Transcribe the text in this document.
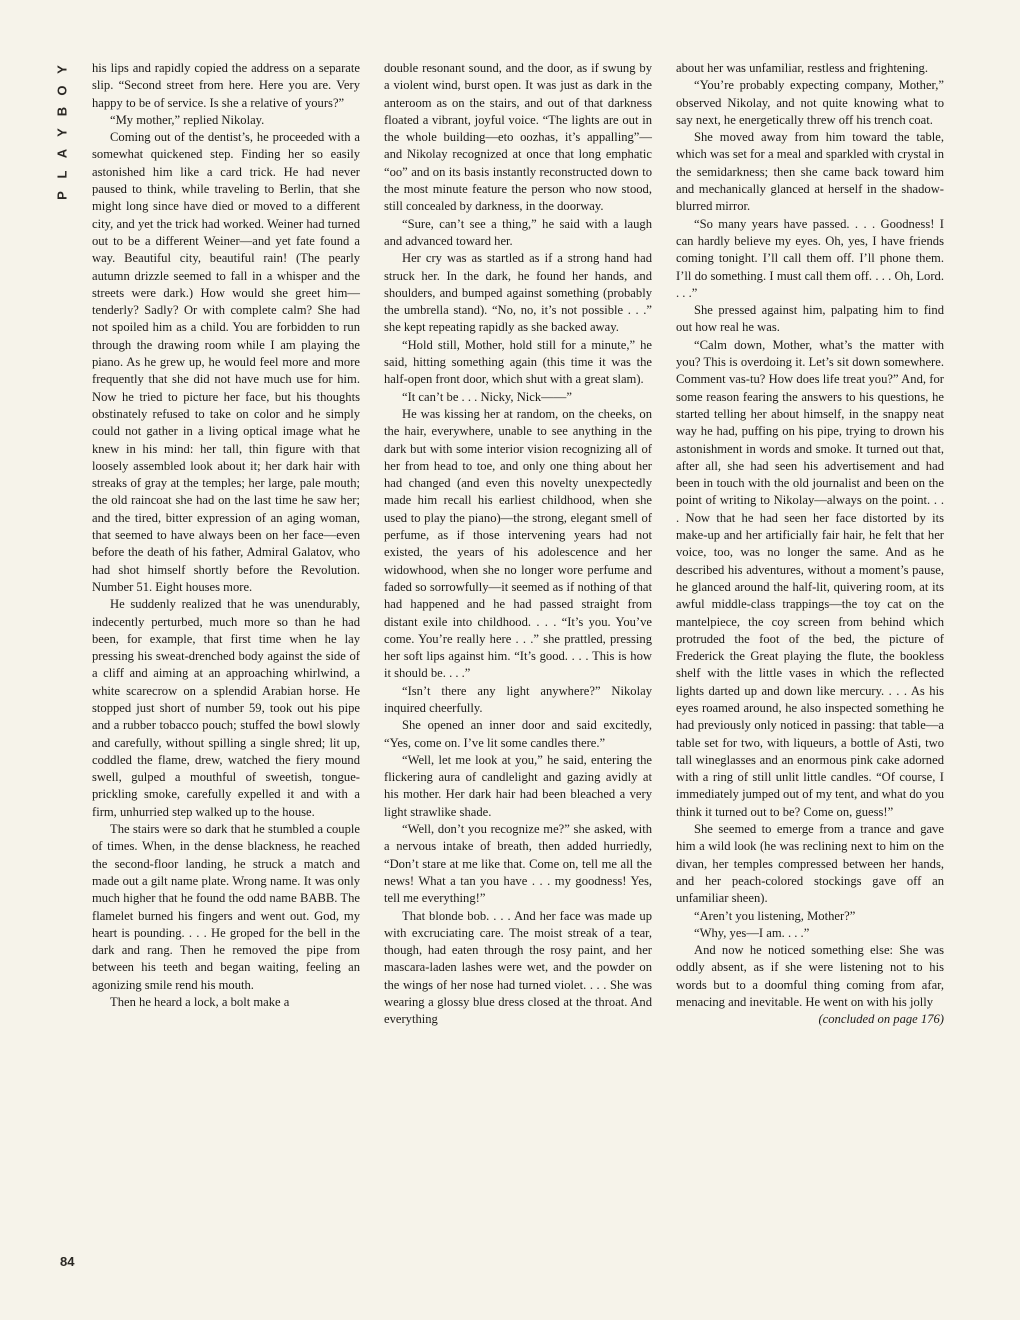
Y
O
B
Y
A
L
P

his lips and rapidly copied the address on a separate slip. “Second street from here. Here you are. Very happy to be of service. Is she a relative of yours?”

“My mother,” replied Nikolay.

Coming out of the dentist’s, he proceeded with a somewhat quickened step. Finding her so easily astonished him like a card trick. He had never paused to think, while traveling to Berlin, that she might long since have died or moved to a different city, and yet the trick had worked. Weiner had turned out to be a different Weiner—and yet fate found a way. Beautiful city, beautiful rain! (The pearly autumn drizzle seemed to fall in a whisper and the streets were dark.) How would she greet him—tenderly? Sadly? Or with complete calm? She had not spoiled him as a child. You are forbidden to run through the drawing room while I am playing the piano. As he grew up, he would feel more and more frequently that she did not have much use for him. Now he tried to picture her face, but his thoughts obstinately refused to take on color and he simply could not gather in a living optical image what he knew in his mind: her tall, thin figure with that loosely assembled look about it; her dark hair with streaks of gray at the temples; her large, pale mouth; the old raincoat she had on the last time he saw her; and the tired, bitter expression of an aging woman, that seemed to have always been on her face—even before the death of his father, Admiral Galatov, who had shot himself shortly before the Revolution. Number 51. Eight houses more.

He suddenly realized that he was unendurably, indecently perturbed, much more so than he had been, for example, that first time when he lay pressing his sweat-drenched body against the side of a cliff and aiming at an approaching whirlwind, a white scarecrow on a splendid Arabian horse. He stopped just short of number 59, took out his pipe and a rubber tobacco pouch; stuffed the bowl slowly and carefully, without spilling a single shred; lit up, coddled the flame, drew, watched the fiery mound swell, gulped a mouthful of sweetish, tongue-prickling smoke, carefully expelled it and with a firm, unhurried step walked up to the house.

The stairs were so dark that he stumbled a couple of times. When, in the dense blackness, he reached the second-floor landing, he struck a match and made out a gilt name plate. Wrong name. It was only much higher that he found the odd name BABB. The flamelet burned his fingers and went out. God, my heart is pounding. . . . He groped for the bell in the dark and rang. Then he removed the pipe from between his teeth and began waiting, feeling an agonizing smile rend his mouth.

Then he heard a lock, a bolt make a

double resonant sound, and the door, as if swung by a violent wind, burst open. It was just as dark in the anteroom as on the stairs, and out of that darkness floated a vibrant, joyful voice. “The lights are out in the whole building—eto oozhas, it’s appalling”—and Nikolay recognized at once that long emphatic “oo” and on its basis instantly reconstructed down to the most minute feature the person who now stood, still concealed by darkness, in the doorway.

“Sure, can’t see a thing,” he said with a laugh and advanced toward her.

Her cry was as startled as if a strong hand had struck her. In the dark, he found her hands, and shoulders, and bumped against something (probably the umbrella stand). “No, no, it’s not possible . . .” she kept repeating rapidly as she backed away.

“Hold still, Mother, hold still for a minute,” he said, hitting something again (this time it was the half-open front door, which shut with a great slam).

“It can’t be . . . Nicky, Nick——”

He was kissing her at random, on the cheeks, on the hair, everywhere, unable to see anything in the dark but with some interior vision recognizing all of her from head to toe, and only one thing about her had changed (and even this novelty unexpectedly made him recall his earliest childhood, when she used to play the piano)—the strong, elegant smell of perfume, as if those intervening years had not existed, the years of his adolescence and her widowhood, when she no longer wore perfume and faded so sorrowfully—it seemed as if nothing of that had happened and he had passed straight from distant exile into childhood. . . . “It’s you. You’ve come. You’re really here . . .” she prattled, pressing her soft lips against him. “It’s good. . . . This is how it should be. . . .”

“Isn’t there any light anywhere?” Nikolay inquired cheerfully.

She opened an inner door and said excitedly, “Yes, come on. I’ve lit some candles there.”

“Well, let me look at you,” he said, entering the flickering aura of candlelight and gazing avidly at his mother. Her dark hair had been bleached a very light strawlike shade.

“Well, don’t you recognize me?” she asked, with a nervous intake of breath, then added hurriedly, “Don’t stare at me like that. Come on, tell me all the news! What a tan you have . . . my goodness! Yes, tell me everything!”

That blonde bob. . . . And her face was made up with excruciating care. The moist streak of a tear, though, had eaten through the rosy paint, and her mascara-laden lashes were wet, and the powder on the wings of her nose had turned violet. . . . She was wearing a glossy blue dress closed at the throat. And everything

about her was unfamiliar, restless and frightening.

“You’re probably expecting company, Mother,” observed Nikolay, and not quite knowing what to say next, he energetically threw off his trench coat.

She moved away from him toward the table, which was set for a meal and sparkled with crystal in the semidarkness; then she came back toward him and mechanically glanced at herself in the shadow-blurred mirror.

“So many years have passed. . . . Goodness! I can hardly believe my eyes. Oh, yes, I have friends coming tonight. I’ll call them off. I’ll phone them. I’ll do something. I must call them off. . . . Oh, Lord. . . .”

She pressed against him, palpating him to find out how real he was.

“Calm down, Mother, what’s the matter with you? This is overdoing it. Let’s sit down somewhere. Comment vas-tu? How does life treat you?” And, for some reason fearing the answers to his questions, he started telling her about himself, in the snappy neat way he had, puffing on his pipe, trying to drown his astonishment in words and smoke. It turned out that, after all, she had seen his advertisement and had been in touch with the old journalist and been on the point of writing to Nikolay—always on the point. . . . Now that he had seen her face distorted by its make-up and her artificially fair hair, he felt that her voice, too, was no longer the same. And as he described his adventures, without a moment’s pause, he glanced around the half-lit, quivering room, at its awful middle-class trappings—the toy cat on the mantelpiece, the coy screen from behind which protruded the foot of the bed, the picture of Frederick the Great playing the flute, the bookless shelf with the little vases in which the reflected lights darted up and down like mercury. . . . As his eyes roamed around, he also inspected something he had previously only noticed in passing: that table—a table set for two, with liqueurs, a bottle of Asti, two tall wineglasses and an enormous pink cake adorned with a ring of still unlit little candles. “Of course, I immediately jumped out of my tent, and what do you think it turned out to be? Come on, guess!”

She seemed to emerge from a trance and gave him a wild look (he was reclining next to him on the divan, her temples compressed between her hands, and her peach-colored stockings gave off an unfamiliar sheen).

“Aren’t you listening, Mother?”

“Why, yes—I am. . . .”

And now he noticed something else: She was oddly absent, as if she were listening not to his words but to a doomful thing coming from afar, menacing and inevitable. He went on with his jolly

(concluded on page 176)

84
